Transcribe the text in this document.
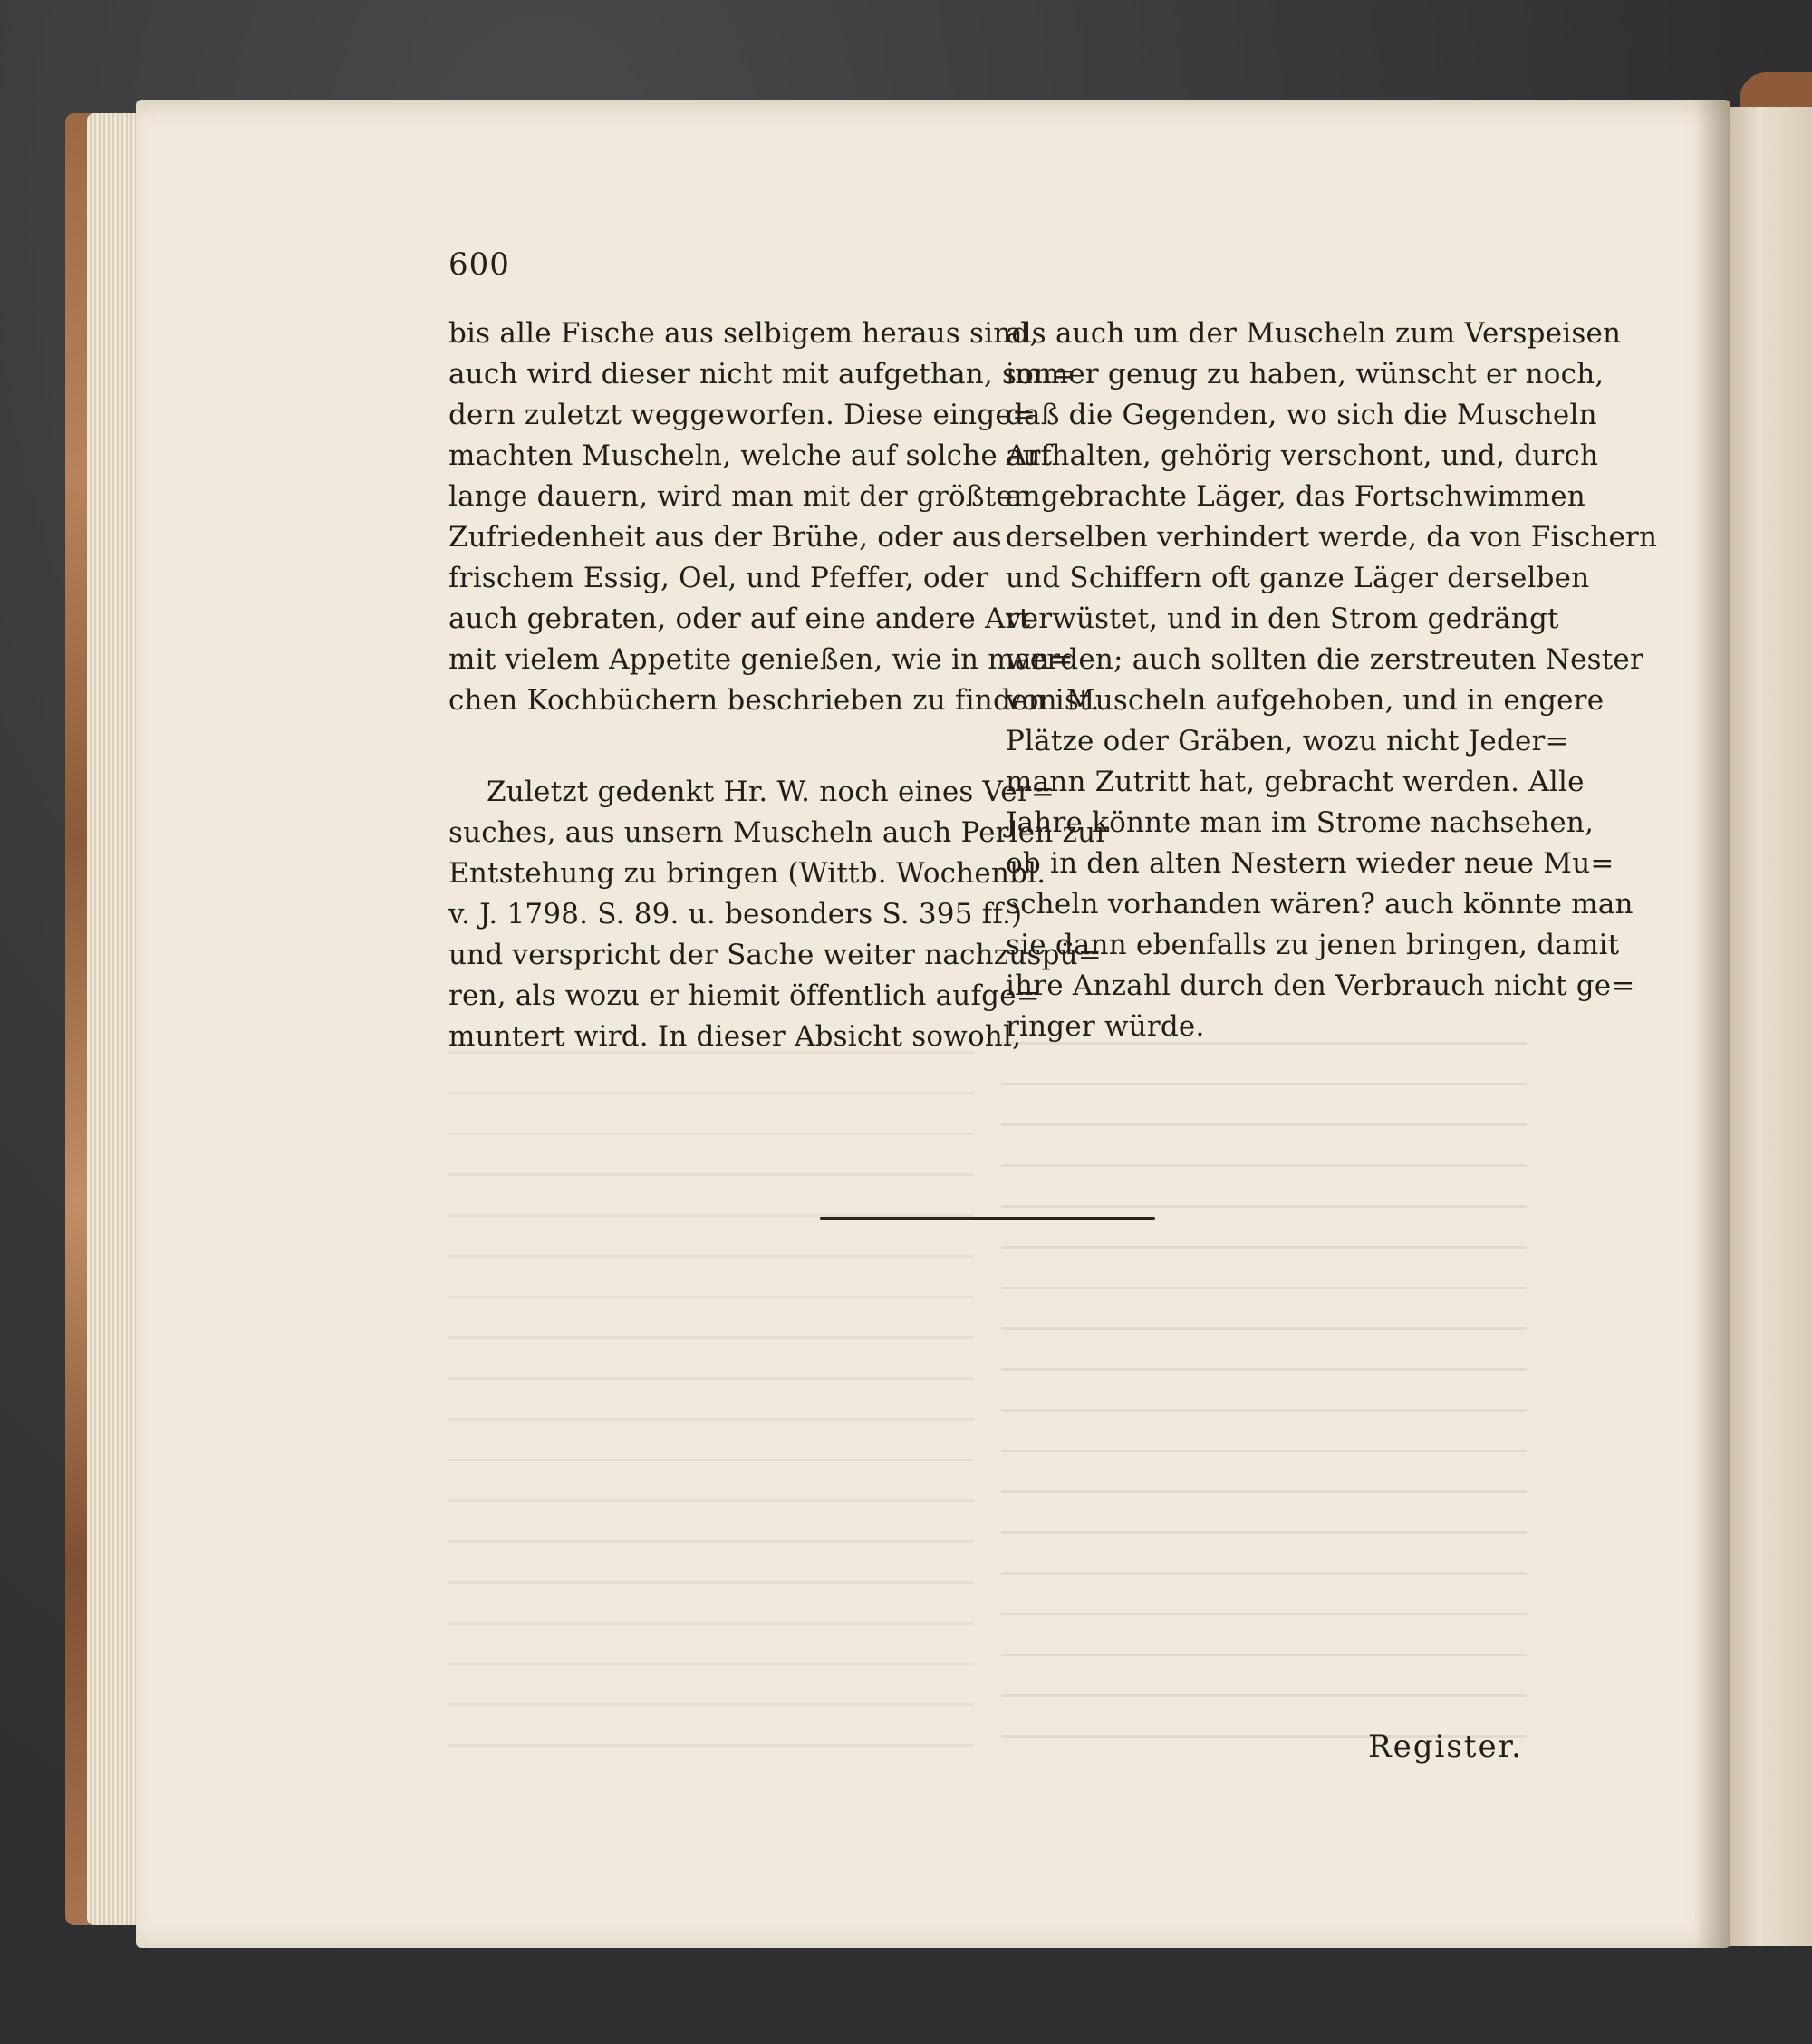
600
bis alle Fische aus selbigem heraus sind,
auch wird dieser nicht mit aufgethan, son=
dern zuletzt weggeworfen. Diese einge=
machten Muscheln, welche auf solche Art
lange dauern, wird man mit der größten
Zufriedenheit aus der Brühe, oder aus
frischem Essig, Oel, und Pfeffer, oder
auch gebraten, oder auf eine andere Art
mit vielem Appetite genießen, wie in man=
chen Kochbüchern beschrieben zu finden ist.
Zuletzt gedenkt Hr. W. noch eines Ver=
suches, aus unsern Muscheln auch Perlen zur
Entstehung zu bringen (Wittb. Wochenbl.
v. J. 1798. S. 89. u. besonders S. 395 ff.)
und verspricht der Sache weiter nachzuspü=
ren, als wozu er hiemit öffentlich aufge=
muntert wird. In dieser Absicht sowohl,
als auch um der Muscheln zum Verspeisen
immer genug zu haben, wünscht er noch,
daß die Gegenden, wo sich die Muscheln
aufhalten, gehörig verschont, und, durch
angebrachte Läger, das Fortschwimmen
derselben verhindert werde, da von Fischern
und Schiffern oft ganze Läger derselben
verwüstet, und in den Strom gedrängt
werden; auch sollten die zerstreuten Nester
von Muscheln aufgehoben, und in engere
Plätze oder Gräben, wozu nicht Jeder=
mann Zutritt hat, gebracht werden. Alle
Jahre könnte man im Strome nachsehen,
ob in den alten Nestern wieder neue Mu=
scheln vorhanden wären? auch könnte man
sie dann ebenfalls zu jenen bringen, damit
ihre Anzahl durch den Verbrauch nicht ge=
ringer würde.
Register.
